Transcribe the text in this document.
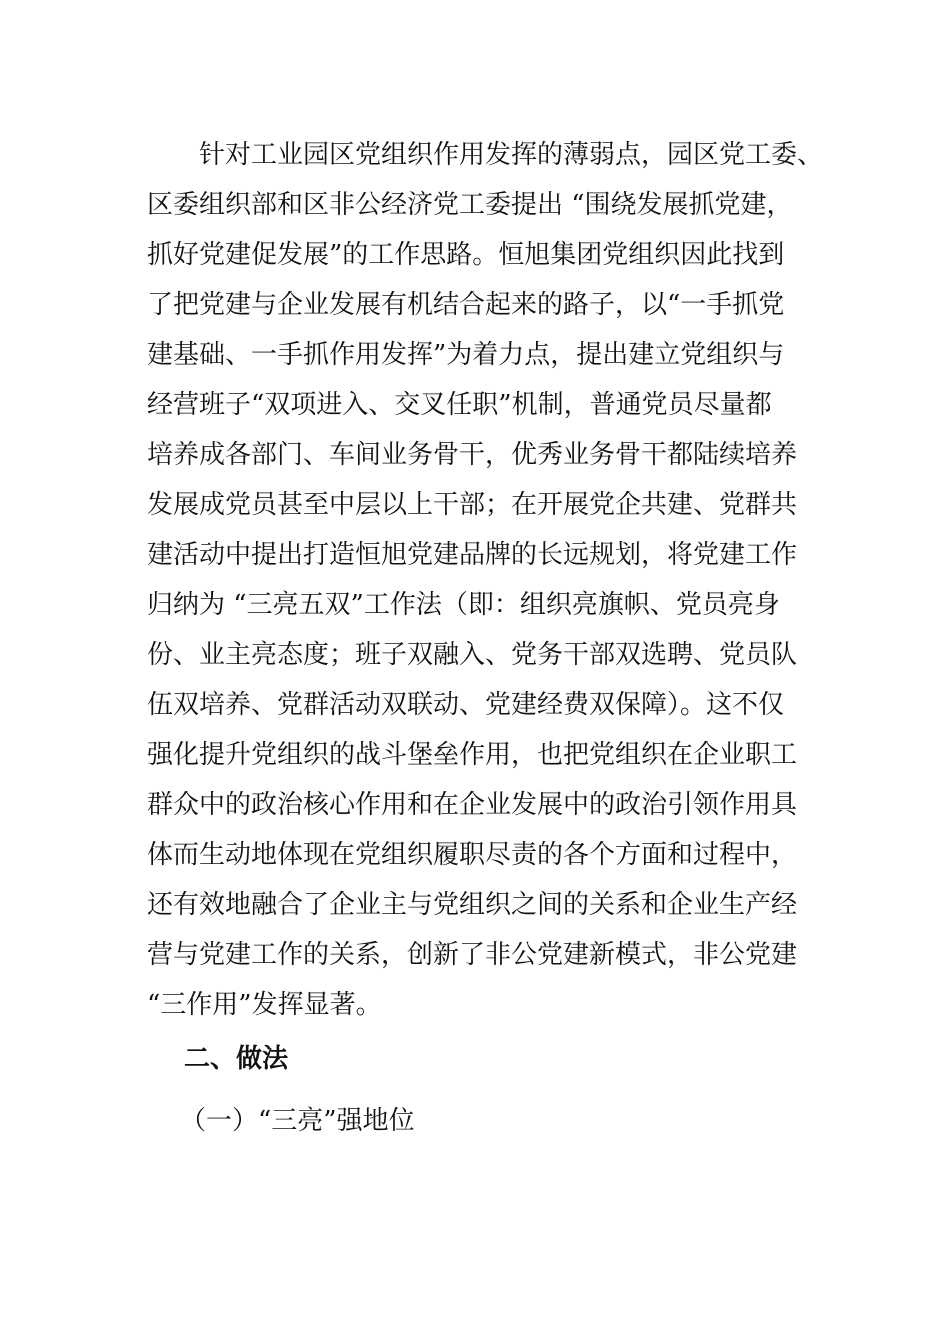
　　针对工业园区党组织作用发挥的薄弱点，园区党工委、
区委组织部和区非公经济党工委提出 “围绕发展抓党建，
抓好党建促发展”的工作思路。恒旭集团党组织因此找到
了把党建与企业发展有机结合起来的路子，以“一手抓党
建基础、一手抓作用发挥”为着力点，提出建立党组织与
经营班子“双项进入、交叉任职”机制，普通党员尽量都
培养成各部门、车间业务骨干，优秀业务骨干都陆续培养
发展成党员甚至中层以上干部；在开展党企共建、党群共
建活动中提出打造恒旭党建品牌的长远规划，将党建工作
归纳为 “三亮五双”工作法（即：组织亮旗帜、党员亮身
份、业主亮态度；班子双融入、党务干部双选聘、党员队
伍双培养、党群活动双联动、党建经费双保障）。这不仅
强化提升党组织的战斗堡垒作用，也把党组织在企业职工
群众中的政治核心作用和在企业发展中的政治引领作用具
体而生动地体现在党组织履职尽责的各个方面和过程中，
还有效地融合了企业主与党组织之间的关系和企业生产经
营与党建工作的关系，创新了非公党建新模式，非公党建
“三作用”发挥显著。
二、做法
（一）“三亮”强地位
